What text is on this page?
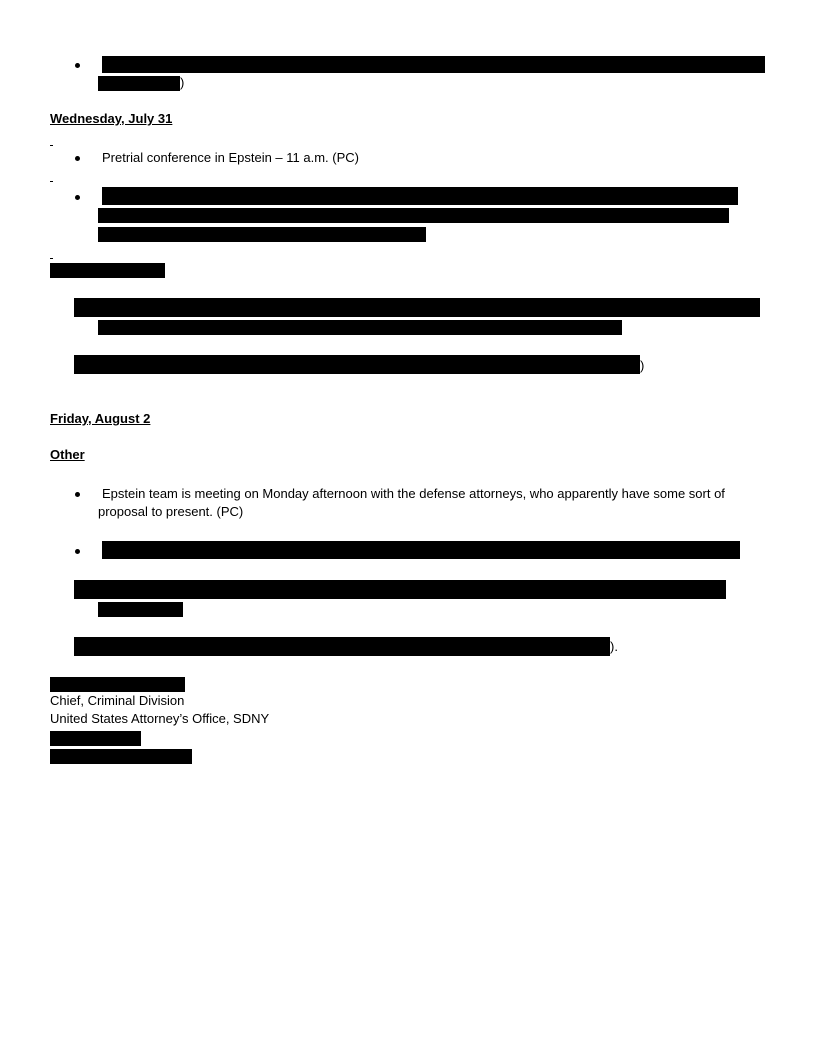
)
Wednesday, July 31
Pretrial conference in Epstein – 11 a.m. (PC)
)
Friday, August 2
Other
Epstein team is meeting on Monday afternoon with the defense attorneys, who apparently have some sort of
proposal to present. (PC)
).
Chief, Criminal Division
United States Attorney’s Office, SDNY
